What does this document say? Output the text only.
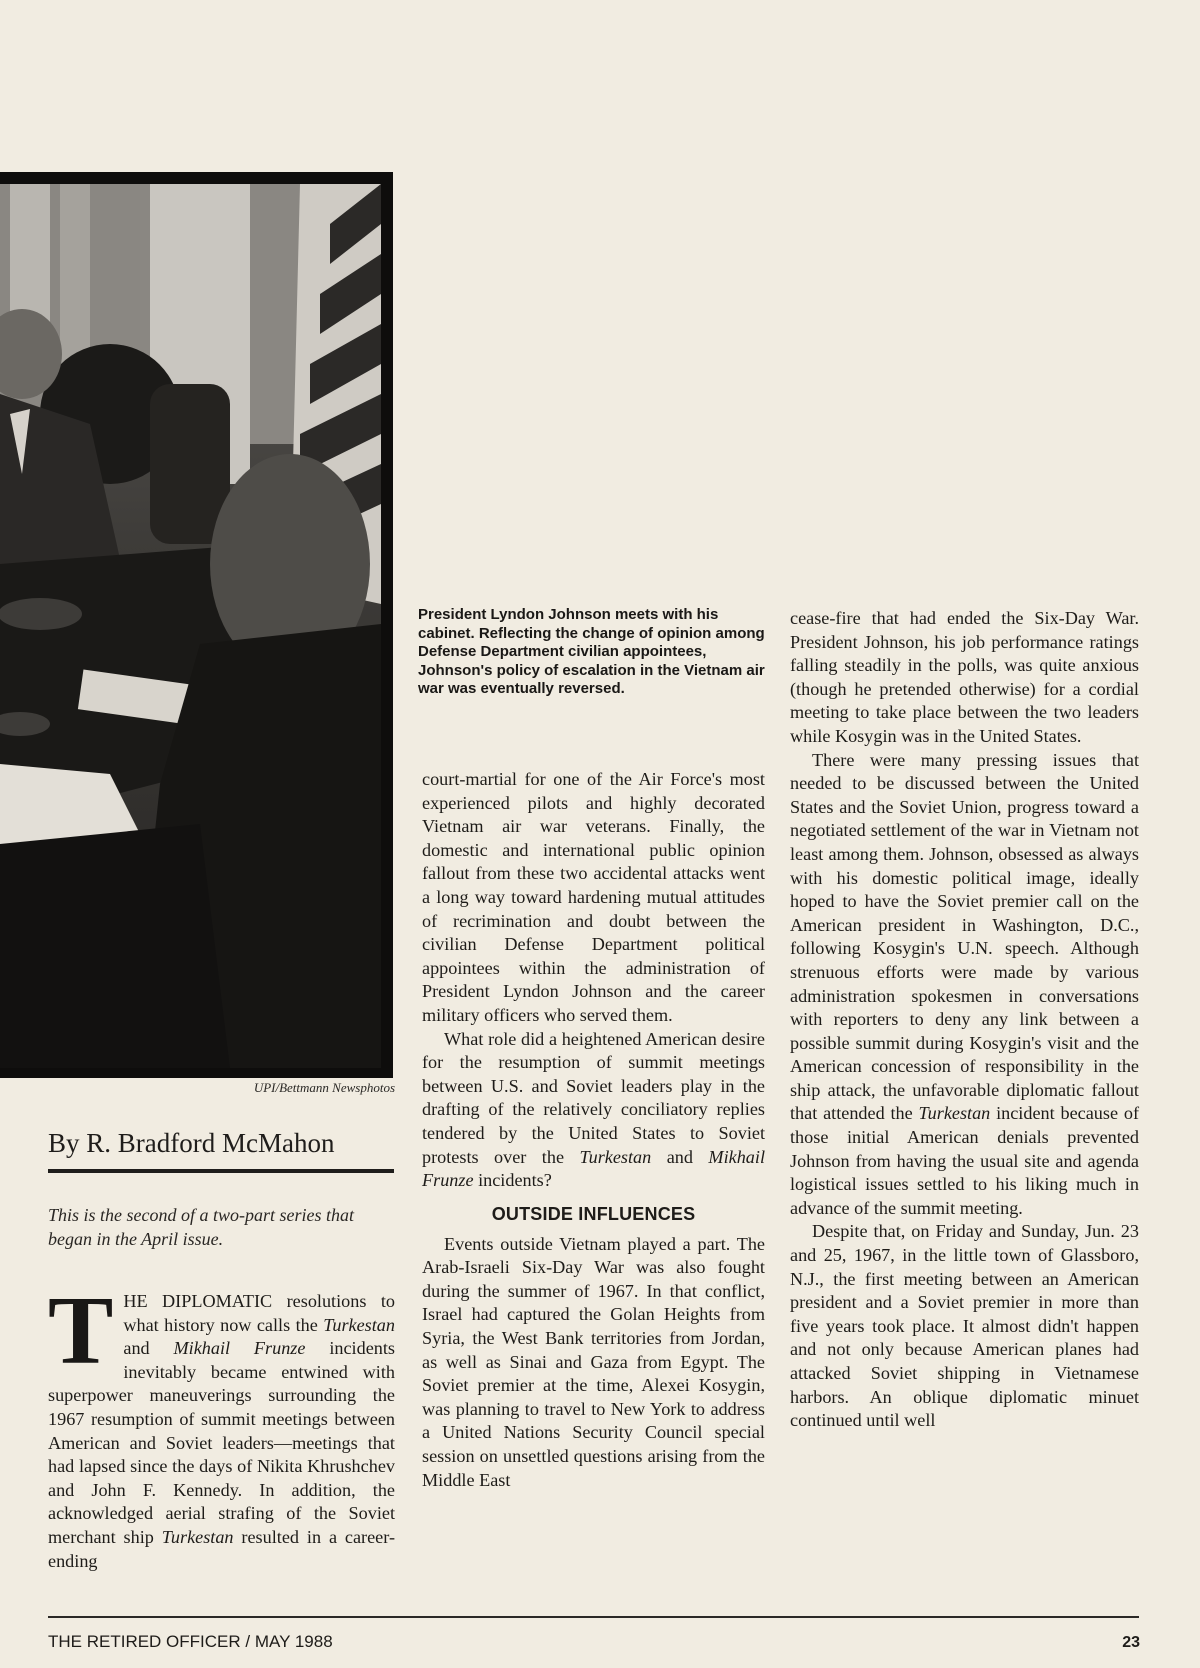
UPI/Bettmann Newsphotos
President Lyndon Johnson meets with his cabinet. Reflecting the change of opinion among Defense Department civilian appointees, Johnson's policy of escalation in the Vietnam air war was eventually reversed.
By R. Bradford McMahon
This is the second of a two-part series that began in the April issue.

THE DIPLOMATIC resolutions to what history now calls the Turkestan and Mikhail Frunze incidents inevitably became entwined with superpower maneuverings surrounding the 1967 resumption of summit meetings between American and Soviet leaders—meetings that had lapsed since the days of Nikita Khrushchev and John F. Kennedy. In addition, the acknowledged aerial strafing of the Soviet merchant ship Turkestan resulted in a career-ending

court-martial for one of the Air Force's most experienced pilots and highly decorated Vietnam air war veterans. Finally, the domestic and international public opinion fallout from these two accidental attacks went a long way toward hardening mutual attitudes of recrimination and doubt between the civilian Defense Department political appointees within the administration of President Lyndon Johnson and the career military officers who served them.

What role did a heightened American desire for the resumption of summit meetings between U.S. and Soviet leaders play in the drafting of the relatively conciliatory replies tendered by the United States to Soviet protests over the Turkestan and Mikhail Frunze incidents?

OUTSIDE INFLUENCES

Events outside Vietnam played a part. The Arab-Israeli Six-Day War was also fought during the summer of 1967. In that conflict, Israel had captured the Golan Heights from Syria, the West Bank territories from Jordan, as well as Sinai and Gaza from Egypt. The Soviet premier at the time, Alexei Kosygin, was planning to travel to New York to address a United Nations Security Council special session on unsettled questions arising from the Middle East

cease-fire that had ended the Six-Day War. President Johnson, his job performance ratings falling steadily in the polls, was quite anxious (though he pretended otherwise) for a cordial meeting to take place between the two leaders while Kosygin was in the United States.

There were many pressing issues that needed to be discussed between the United States and the Soviet Union, progress toward a negotiated settlement of the war in Vietnam not least among them. Johnson, obsessed as always with his domestic political image, ideally hoped to have the Soviet premier call on the American president in Washington, D.C., following Kosygin's U.N. speech. Although strenuous efforts were made by various administration spokesmen in conversations with reporters to deny any link between a possible summit during Kosygin's visit and the American concession of responsibility in the ship attack, the unfavorable diplomatic fallout that attended the Turkestan incident because of those initial American denials prevented Johnson from having the usual site and agenda logistical issues settled to his liking much in advance of the summit meeting.

Despite that, on Friday and Sunday, Jun. 23 and 25, 1967, in the little town of Glassboro, N.J., the first meeting between an American president and a Soviet premier in more than five years took place. It almost didn't happen and not only because American planes had attacked Soviet shipping in Vietnamese harbors. An oblique diplomatic minuet continued until well

THE RETIRED OFFICER / MAY 1988	23
